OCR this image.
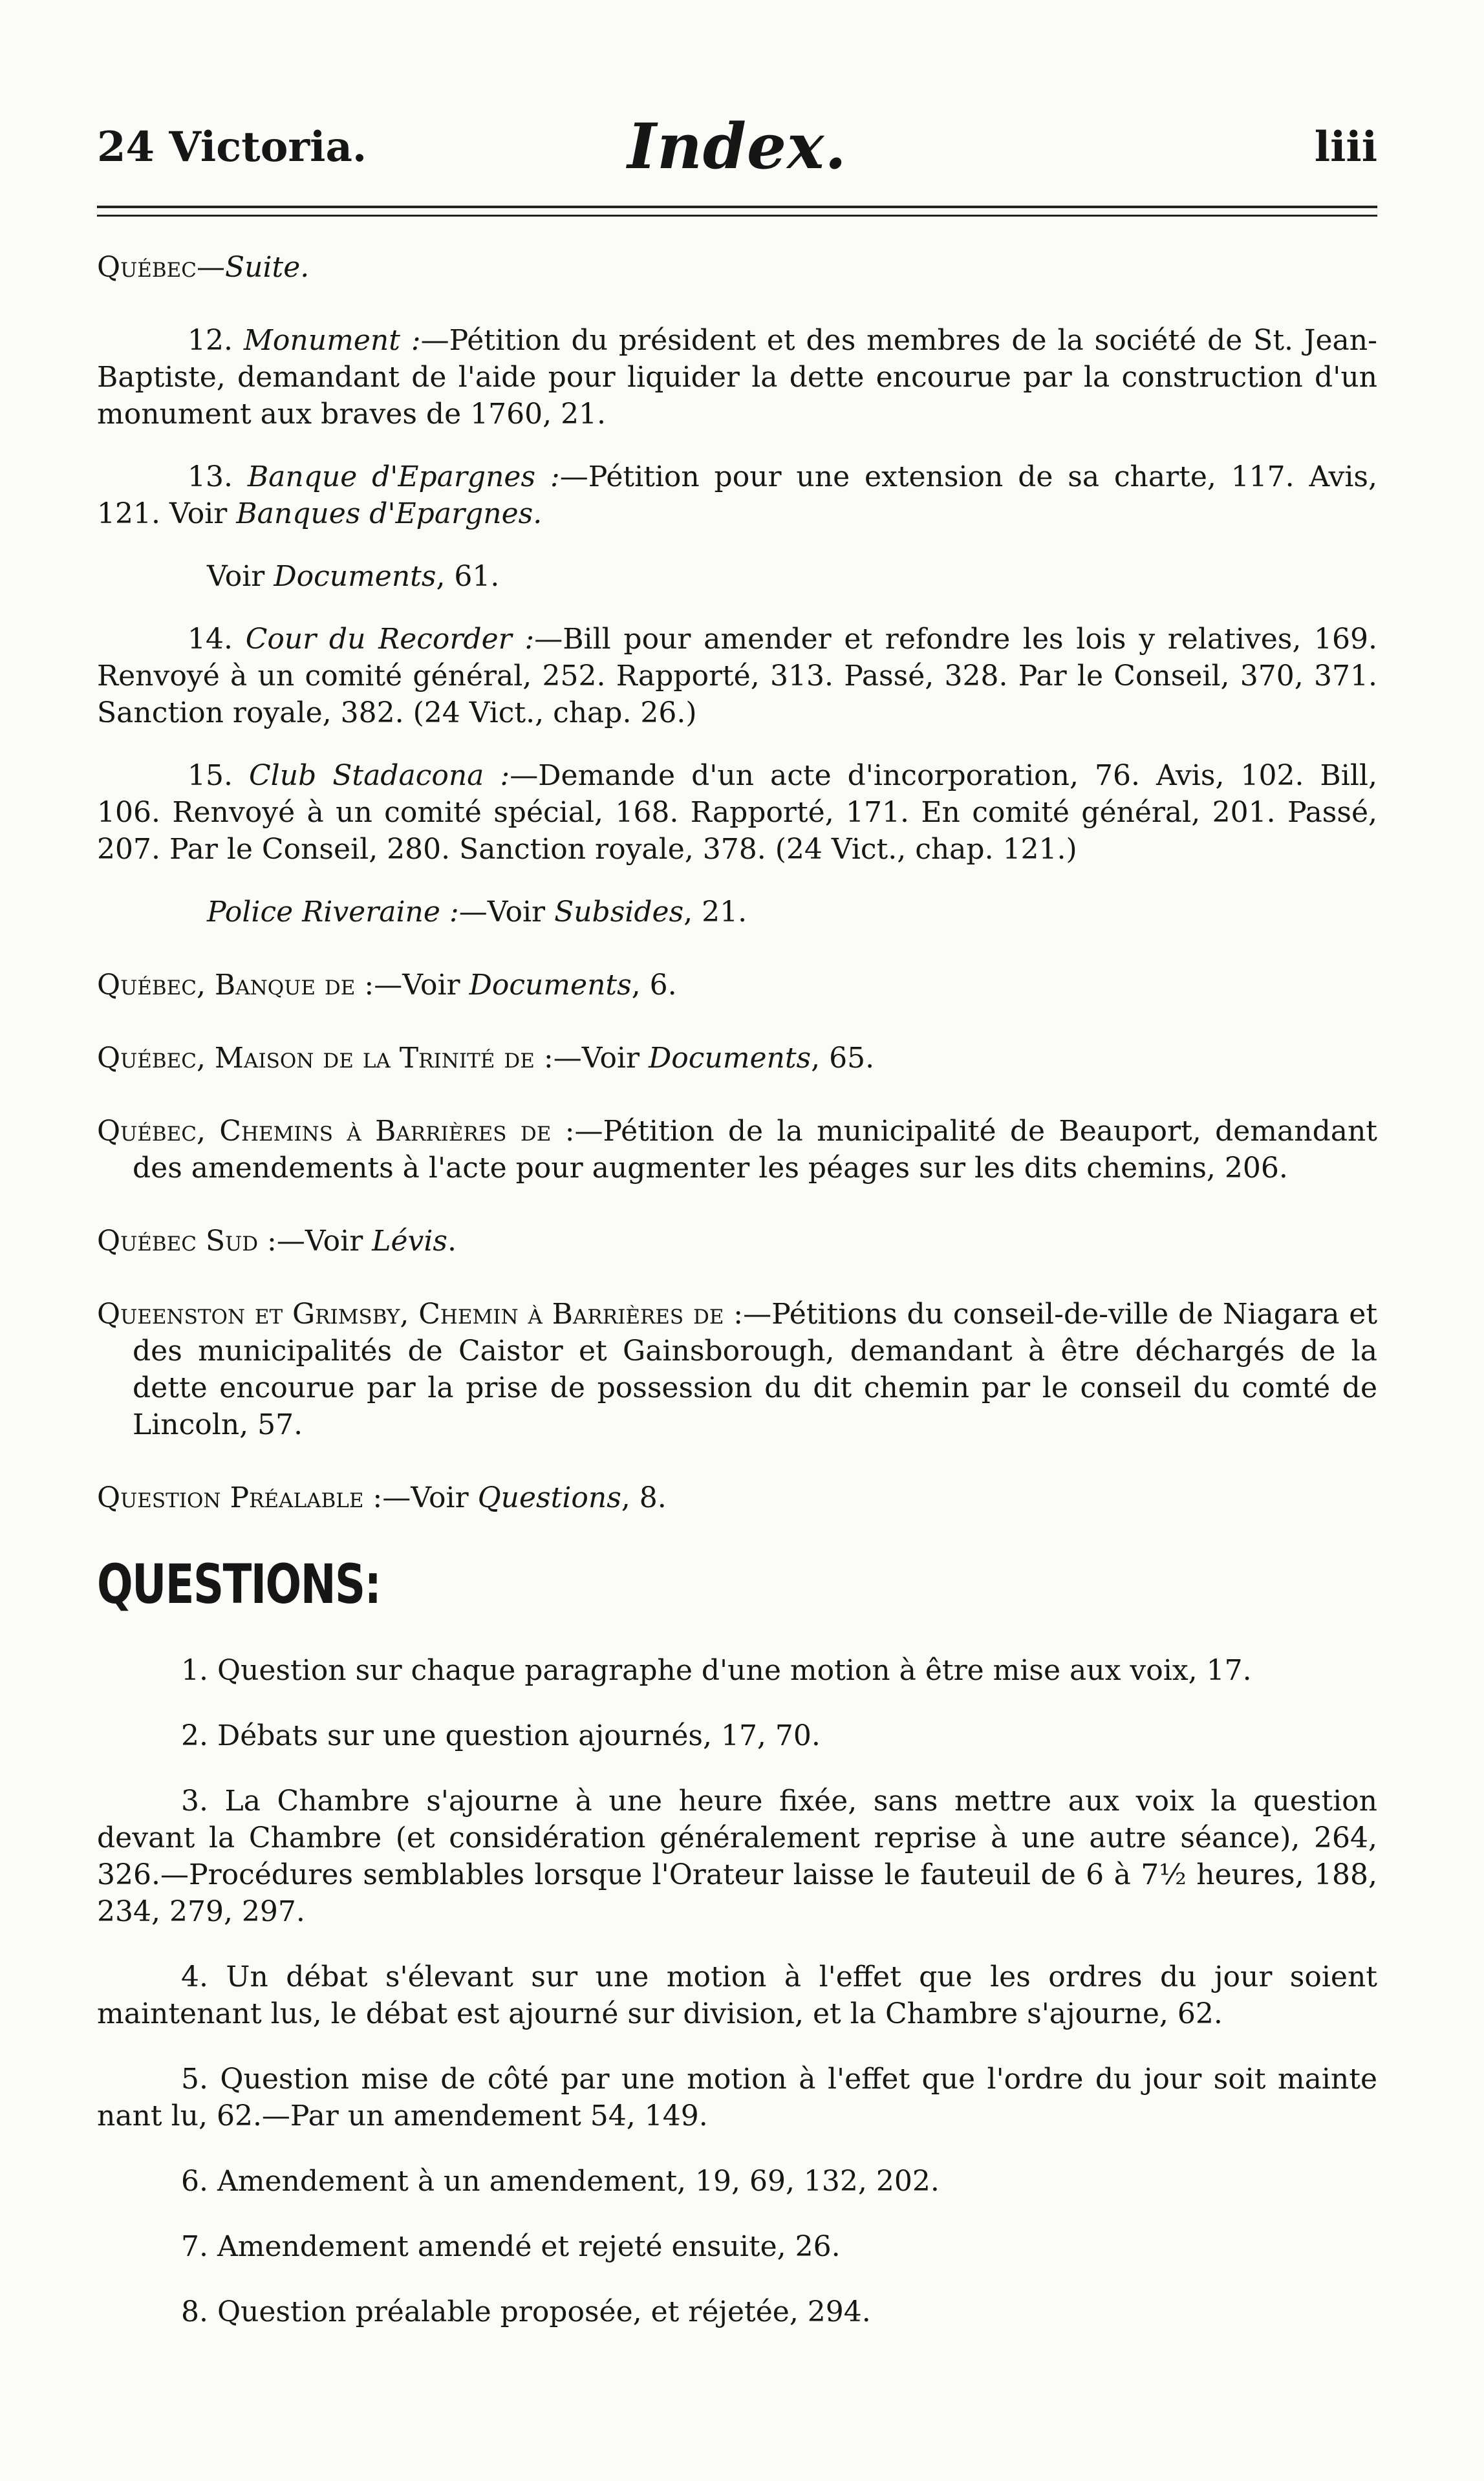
24 Victoria.	Index.	liii

Québec—Suite.

12. Monument :—Pétition du président et des membres de la société de St. Jean-Baptiste, demandant de l'aide pour liquider la dette encourue par la construction d'un monument aux braves de 1760, 21.

13. Banque d'Epargnes :—Pétition pour une extension de sa charte, 117. Avis, 121. Voir Banques d'Epargnes.

Voir Documents, 61.

14. Cour du Recorder :—Bill pour amender et refondre les lois y relatives, 169. Renvoyé à un comité général, 252. Rapporté, 313. Passé, 328. Par le Conseil, 370, 371. Sanction royale, 382. (24 Vict., chap. 26.)

15. Club Stadacona :—Demande d'un acte d'incorporation, 76. Avis, 102. Bill, 106. Renvoyé à un comité spécial, 168. Rapporté, 171. En comité général, 201. Passé, 207. Par le Conseil, 280. Sanction royale, 378. (24 Vict., chap. 121.)

Police Riveraine :—Voir Subsides, 21.

Québec, Banque de :—Voir Documents, 6.

Québec, Maison de la Trinité de :—Voir Documents, 65.

Québec, Chemins à Barrières de :—Pétition de la municipalité de Beauport, demandant des amendements à l'acte pour augmenter les péages sur les dits chemins, 206.

Québec Sud :—Voir Lévis.

Queenston et Grimsby, Chemin à Barrières de :—Pétitions du conseil-de-ville de Niagara et des municipalités de Caistor et Gainsborough, demandant à être déchargés de la dette encourue par la prise de possession du dit chemin par le conseil du comté de Lincoln, 57.

Question Préalable :—Voir Questions, 8.

QUESTIONS:

1. Question sur chaque paragraphe d'une motion à être mise aux voix, 17.

2. Débats sur une question ajournés, 17, 70.

3. La Chambre s'ajourne à une heure fixée, sans mettre aux voix la question devant la Chambre (et considération généralement reprise à une autre séance), 264, 326.—Procédures semblables lorsque l'Orateur laisse le fauteuil de 6 à 7½ heures, 188, 234, 279, 297.

4. Un débat s'élevant sur une motion à l'effet que les ordres du jour soient maintenant lus, le débat est ajourné sur division, et la Chambre s'ajourne, 62.

5. Question mise de côté par une motion à l'effet que l'ordre du jour soit mainte nant lu, 62.—Par un amendement 54, 149.

6. Amendement à un amendement, 19, 69, 132, 202.

7. Amendement amendé et rejeté ensuite, 26.

8. Question préalable proposée, et réjetée, 294.
